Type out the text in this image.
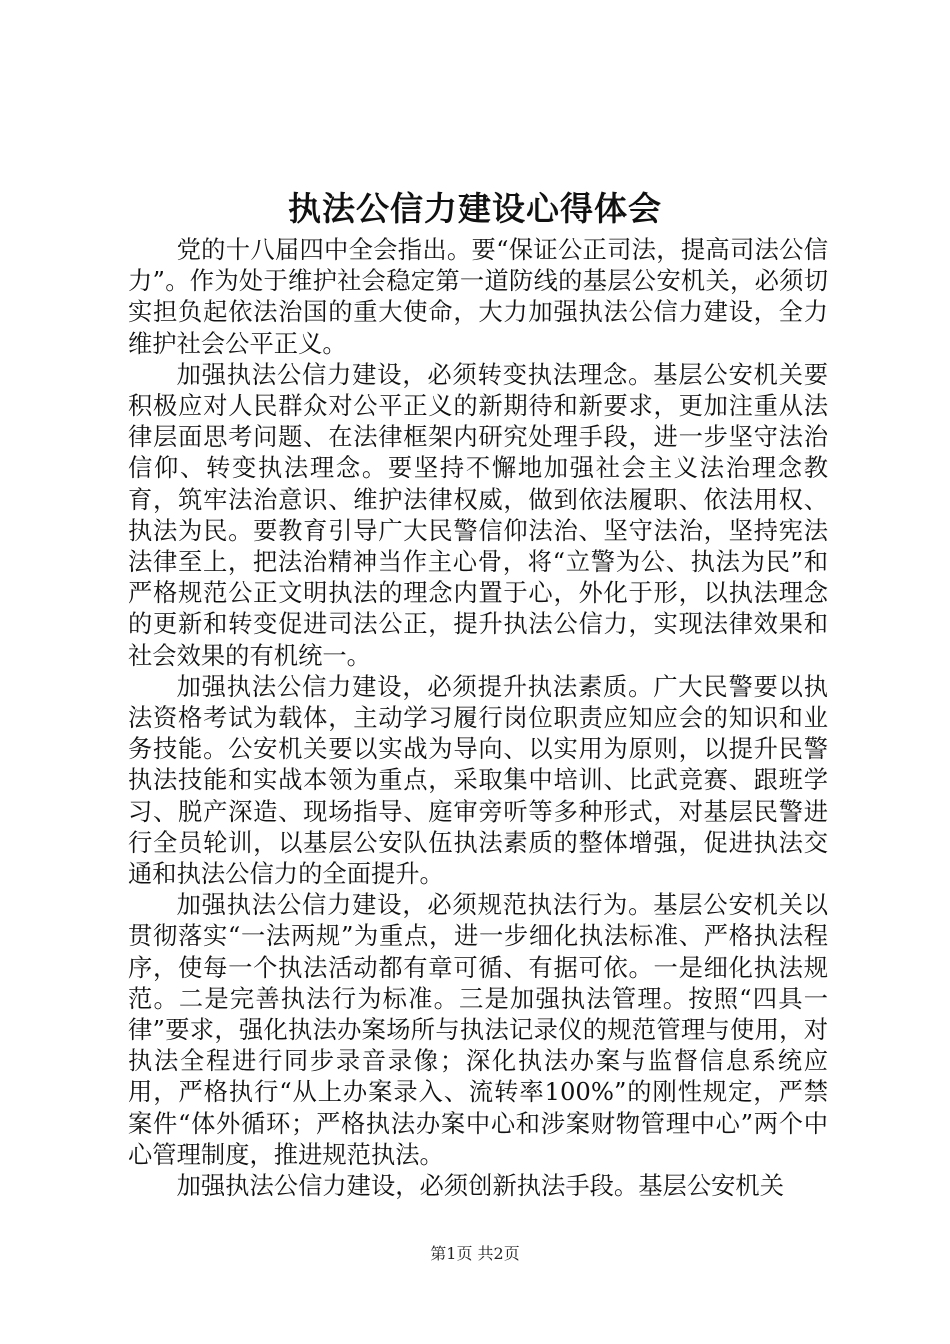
执法公信力建设心得体会

党的十八届四中全会指出。要“保证公正司法，提高司法公信力”。作为处于维护社会稳定第一道防线的基层公安机关，必须切实担负起依法治国的重大使命，大力加强执法公信力建设，全力维护社会公平正义。

加强执法公信力建设，必须转变执法理念。基层公安机关要积极应对人民群众对公平正义的新期待和新要求，更加注重从法律层面思考问题、在法律框架内研究处理手段，进一步坚守法治信仰、转变执法理念。要坚持不懈地加强社会主义法治理念教育，筑牢法治意识、维护法律权威，做到依法履职、依法用权、执法为民。要教育引导广大民警信仰法治、坚守法治，坚持宪法法律至上，把法治精神当作主心骨，将“立警为公、执法为民”和严格规范公正文明执法的理念内置于心，外化于形，以执法理念的更新和转变促进司法公正，提升执法公信力，实现法律效果和社会效果的有机统一。

加强执法公信力建设，必须提升执法素质。广大民警要以执法资格考试为载体，主动学习履行岗位职责应知应会的知识和业务技能。公安机关要以实战为导向、以实用为原则，以提升民警执法技能和实战本领为重点，采取集中培训、比武竞赛、跟班学习、脱产深造、现场指导、庭审旁听等多种形式，对基层民警进行全员轮训，以基层公安队伍执法素质的整体增强，促进执法交通和执法公信力的全面提升。

加强执法公信力建设，必须规范执法行为。基层公安机关以贯彻落实“一法两规”为重点，进一步细化执法标准、严格执法程序，使每一个执法活动都有章可循、有据可依。一是细化执法规范。二是完善执法行为标准。三是加强执法管理。按照“四具一律”要求，强化执法办案场所与执法记录仪的规范管理与使用，对执法全程进行同步录音录像；深化执法办案与监督信息系统应用，严格执行“从上办案录入、流转率100%”的刚性规定，严禁案件“体外循环；严格执法办案中心和涉案财物管理中心”两个中心管理制度，推进规范执法。

加强执法公信力建设，必须创新执法手段。基层公安机关

第1页 共2页
